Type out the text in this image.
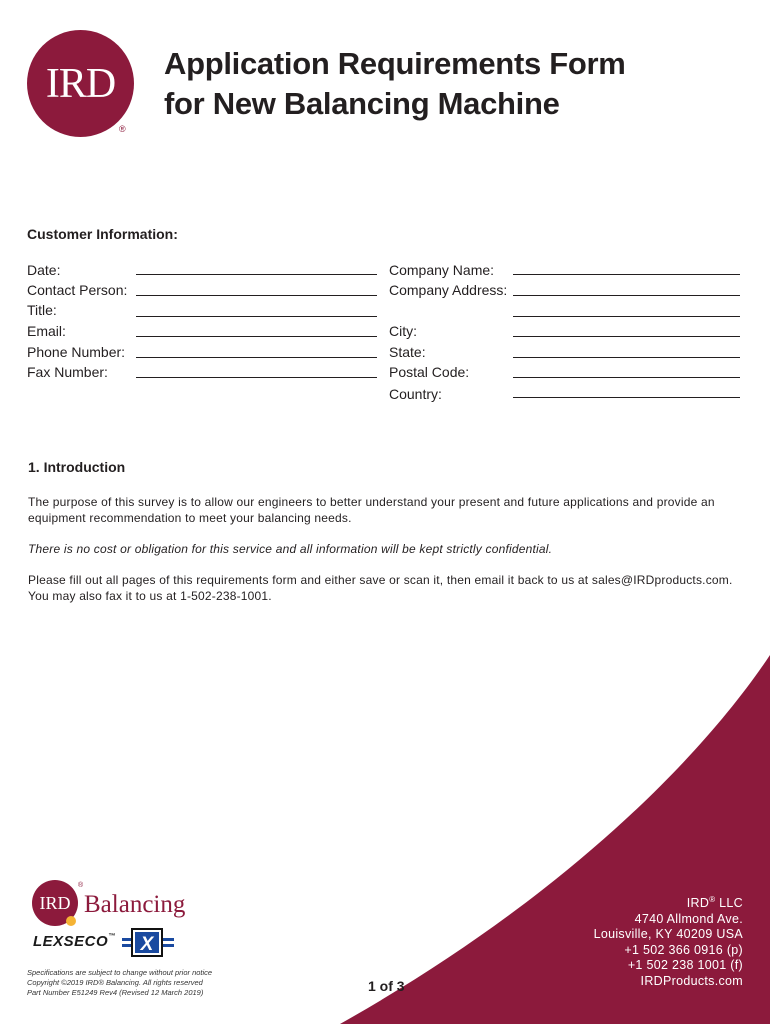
IRD
®
Application Requirements Form
for New Balancing Machine
Customer Information:
Date:
Contact Person:
Title:
Email:
Phone Number:
Fax Number:
Company Name:
Company Address:
City:
State:
Postal Code:
Country:
1. Introduction
The purpose of this survey is to allow our engineers to better understand your present and future applications and provide an equipment recommendation to meet your balancing needs.
There is no cost or obligation for this service and all information will be kept strictly confidential.
Please fill out all pages of this requirements form and either save or scan it, then email it back to us at sales@IRDproducts.com. You may also fax it to us at 1-502-238-1001.
IRD
®
Balancing
LEXSECO™ X
Specifications are subject to change without prior notice
Copyright ©2019 IRD® Balancing. All rights reserved
Part Number E51249 Rev4 (Revised 12 March 2019)	1 of 3
IRD® LLC
4740 Allmond Ave.
Louisville, KY 40209 USA
+1 502 366 0916 (p)
+1 502 238 1001 (f)
IRDProducts.com
